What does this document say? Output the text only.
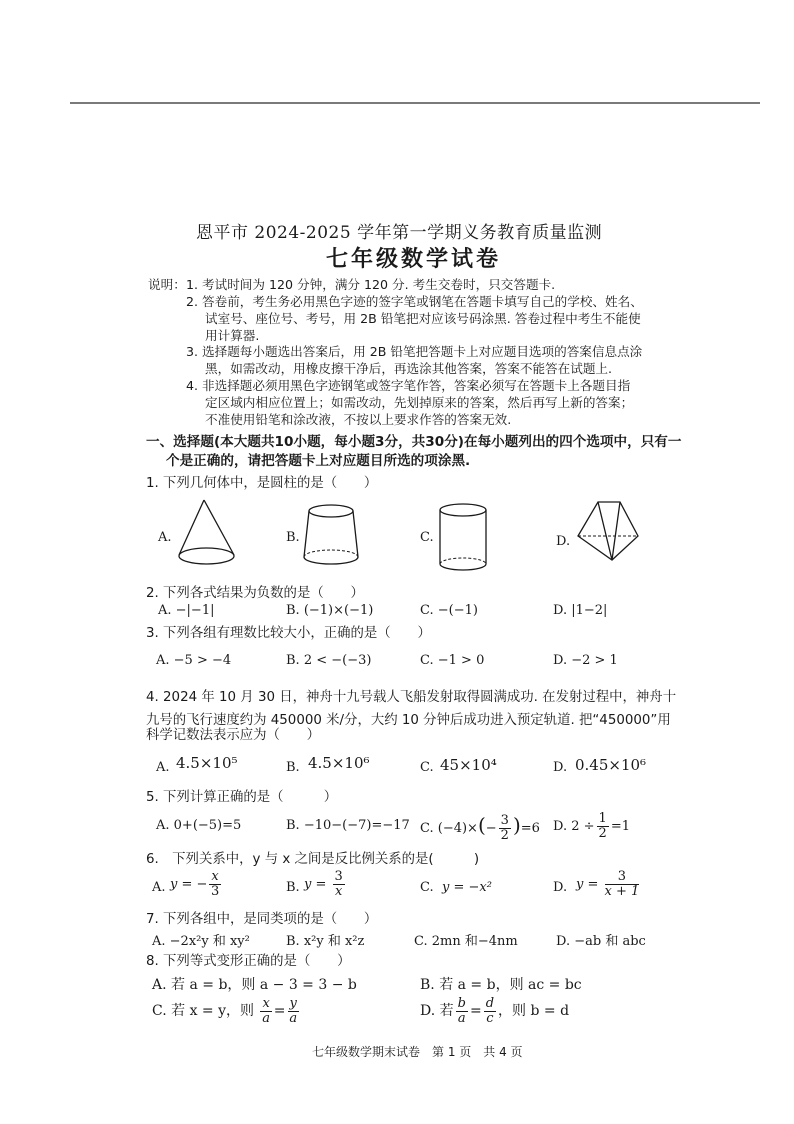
恩平市 2024-2025 学年第一学期义务教育质量监测
七年级数学试卷
说明： 1. 考试时间为 120 分钟，满分 120 分. 考生交卷时，只交答题卡.
2. 答卷前，考生务必用黑色字迹的签字笔或钢笔在答题卡填写自己的学校、姓名、
试室号、座位号、考号，用 2B 铅笔把对应该号码涂黑. 答卷过程中考生不能使
用计算器.
3. 选择题每小题选出答案后，用 2B 铅笔把答题卡上对应题目选项的答案信息点涂
黑，如需改动，用橡皮擦干净后，再选涂其他答案，答案不能答在试题上.
4. 非选择题必须用黑色字迹钢笔或签字笔作答，答案必须写在答题卡上各题目指
定区域内相应位置上；如需改动，先划掉原来的答案，然后再写上新的答案；
不准使用铅笔和涂改液，不按以上要求作答的答案无效.
一、选择题(本大题共10小题，每小题3分，共30分)在每小题列出的四个选项中，只有一
个是正确的，请把答题卡上对应题目所选的项涂黑.
1. 下列几何体中，是圆柱的是（　　）
A.	B.	C.	D.
2. 下列各式结果为负数的是（　　）
A. −|−1|	B. (−1)×(−1)	C. −(−1)	D. |1−2|
3. 下列各组有理数比较大小，正确的是（　　）
A. −5 > −4	B. 2 < −(−3)	C. −1 > 0	D. −2 > 1
4. 2024 年 10 月 30 日，神舟十九号载人飞船发射取得圆满成功. 在发射过程中，神舟十
九号的飞行速度约为 450000 米/分，大约 10 分钟后成功进入预定轨道. 把“450000”用
科学记数法表示应为（　　）
A. 4.5×10⁵	B. 4.5×10⁶	C. 45×10⁴	D. 0.45×10⁶
5. 下列计算正确的是（　　　）
A. 0+(−5)=5	B. −10−(−7)=−17 C. $(-4)\times(- \frac{3}{2} )=6$ D. $2 \div \frac{1}{2} =1$
6.　下列关系中，y 与 x 之间是反比例关系的是(　　　)
A. y = − $\frac{x}{3}$	B. $y = \frac{3}{x}$	C. y = −x²	D. $y = \frac{3}{x + 1}$
7. 下列各组中，是同类项的是（　　）
A. −2x²y 和 xy²	B. x²y 和 x²z	C. 2mn 和−4nm	D. −ab 和 abc
8. 下列等式变形正确的是（　　）
A. 若 a = b，则 a − 3 = 3 − b	B. 若 a = b，则 ac = bc
C. 若 x = y，则 $\frac{x}{a} = \frac{y}{a}$	D. 若 $\frac{b}{a} = \frac{d}{c}$ ，则 b = d
七年级数学期末试卷　第 1 页　共 4 页
